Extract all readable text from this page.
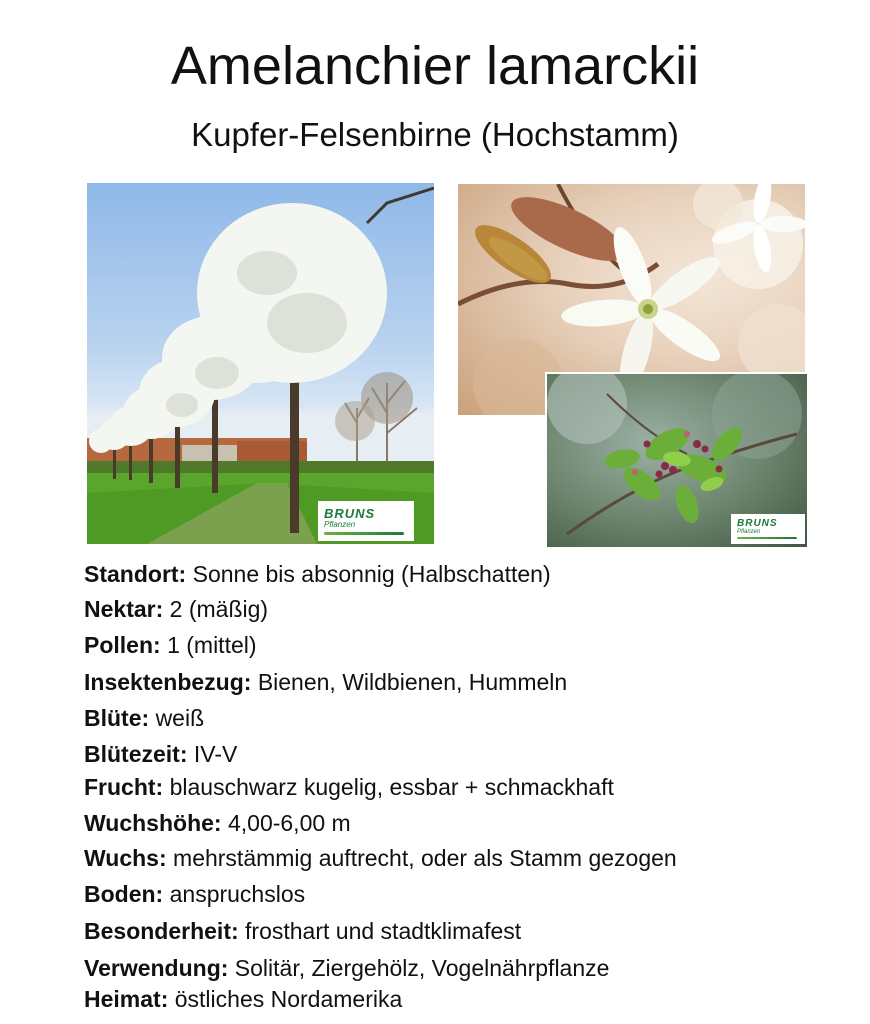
Amelanchier lamarckii
Kupfer-Felsenbirne (Hochstamm)
BRUNS
Pflanzen	BRUNS
Pflanzen
Standort: Sonne bis absonnig (Halbschatten)
Nektar: 2 (mäßig)
Pollen: 1 (mittel)
Insektenbezug: Bienen, Wildbienen, Hummeln
Blüte: weiß
Blütezeit: IV-V
Frucht: blauschwarz kugelig, essbar + schmackhaft
Wuchshöhe: 4,00-6,00 m
Wuchs: mehrstämmig auftrecht, oder als Stamm gezogen
Boden: anspruchslos
Besonderheit: frosthart und stadtklimafest
Verwendung: Solitär, Ziergehölz, Vogelnährpflanze
Heimat: östliches Nordamerika
